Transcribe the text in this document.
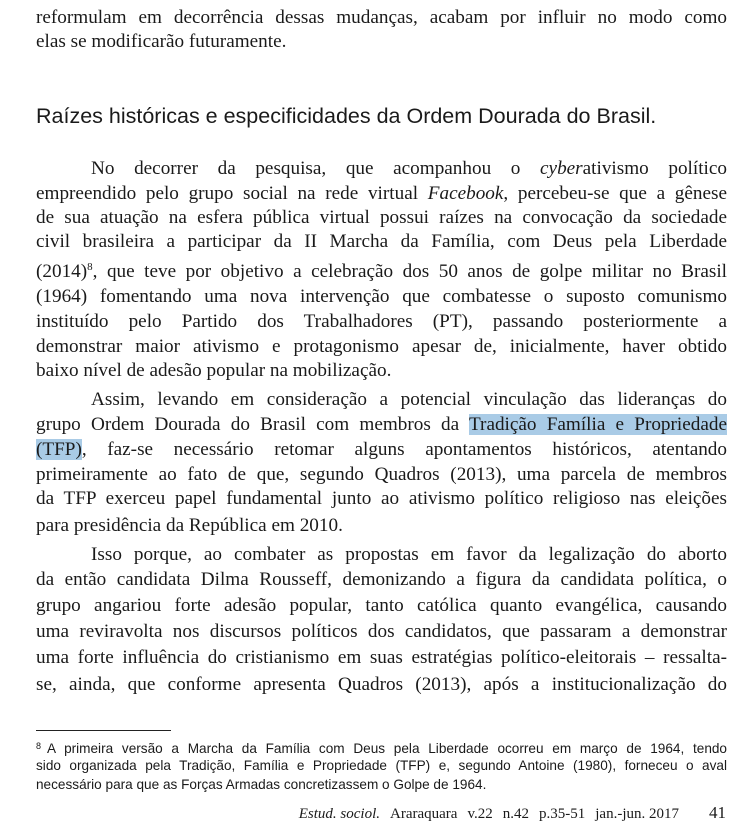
reformulam em decorrência dessas mudanças, acabam por influir no modo como
elas se modificarão futuramente.
Raízes históricas e especificidades da Ordem Dourada do Brasil.
No decorrer da pesquisa, que acompanhou o cyberativismo político
empreendido pelo grupo social na rede virtual Facebook, percebeu-se que a gênese
de sua atuação na esfera pública virtual possui raízes na convocação da sociedade
civil brasileira a participar da II Marcha da Família, com Deus pela Liberdade
(2014)$^8$, que teve por objetivo a celebração dos 50 anos de golpe militar no Brasil
(1964) fomentando uma nova intervenção que combatesse o suposto comunismo
instituído pelo Partido dos Trabalhadores (PT), passando posteriormente a
demonstrar maior ativismo e protagonismo apesar de, inicialmente, haver obtido
baixo nível de adesão popular na mobilização.
Assim, levando em consideração a potencial vinculação das lideranças do
grupo Ordem Dourada do Brasil com membros da Tradição Família e Propriedade
(TFP), faz-se necessário retomar alguns apontamentos históricos, atentando
primeiramente ao fato de que, segundo Quadros (2013), uma parcela de membros
da TFP exerceu papel fundamental junto ao ativismo político religioso nas eleições
para presidência da República em 2010.
Isso porque, ao combater as propostas em favor da legalização do aborto
da então candidata Dilma Rousseff, demonizando a figura da candidata política, o
grupo angariou forte adesão popular, tanto católica quanto evangélica, causando
uma reviravolta nos discursos políticos dos candidatos, que passaram a demonstrar
uma forte influência do cristianismo em suas estratégias político-eleitorais – ressalta-
se, ainda, que conforme apresenta Quadros (2013), após a institucionalização do
$^8$ A primeira versão a Marcha da Família com Deus pela Liberdade ocorreu em março de 1964, tendo
sido organizada pela Tradição, Família e Propriedade (TFP) e, segundo Antoine (1980), forneceu o aval
necessário para que as Forças Armadas concretizassem o Golpe de 1964.
Estud. sociol. Araraquara v.22 n.42 p.35-51 jan.-jun. 2017 41
